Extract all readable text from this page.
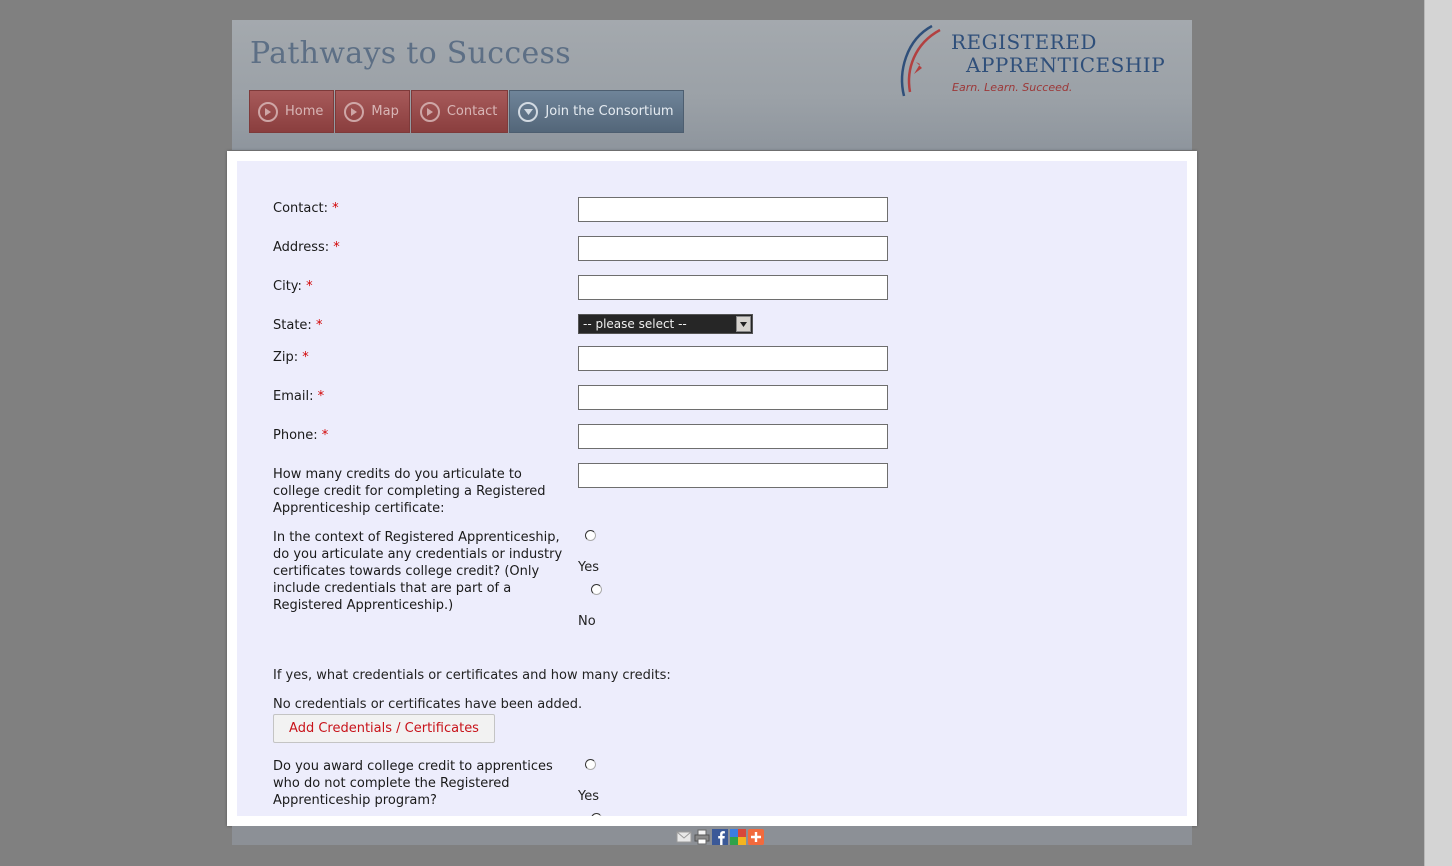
Pathways to Success
Home	Map	Contact	Join the Consortium
REGISTERED
APPRENTICESHIP
Earn. Learn. Succeed.
Contact: *
Address: *
City: *
State: *	-- please select --
Zip: *
Email: *
Phone: *
How many credits do you articulate to college credit for completing a Registered Apprenticeship certificate:
In the context of Registered Apprenticeship, do you articulate any credentials or industry certificates towards college credit? (Only include credentials that are part of a Registered Apprenticeship.)
Yes
No
If yes, what credentials or certificates and how many credits:
No credentials or certificates have been added.
Add Credentials / Certificates
Do you award college credit to apprentices who do not complete the Registered Apprenticeship program?	Yes
